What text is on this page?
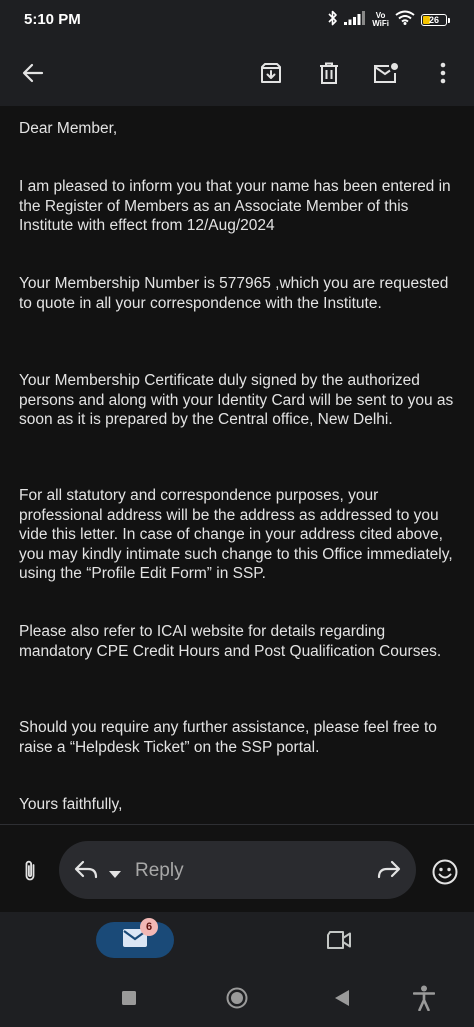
5:10 PM	Vo
WiFi	26

Dear Member,

I am pleased to inform you that your name has been entered in the Register of Members as an Associate Member of this Institute with effect from 12/Aug/2024

Your Membership Number is 577965 ,which you are requested to quote in all your correspondence with the Institute.

Your Membership Certificate duly signed by the authorized persons and along with your Identity Card will be sent to you as soon as it is prepared by the Central office, New Delhi.

For all statutory and correspondence purposes, your professional address will be the address as addressed to you vide this letter. In case of change in your address cited above, you may kindly intimate such change to this Office immediately, using the “Profile Edit Form” in SSP.

Please also refer to ICAI website for details regarding mandatory CPE Credit Hours and Post Qualification Courses.

Should you require any further assistance, please feel free to raise a “Helpdesk Ticket” on the SSP portal.

Yours faithfully,

Reply
6
